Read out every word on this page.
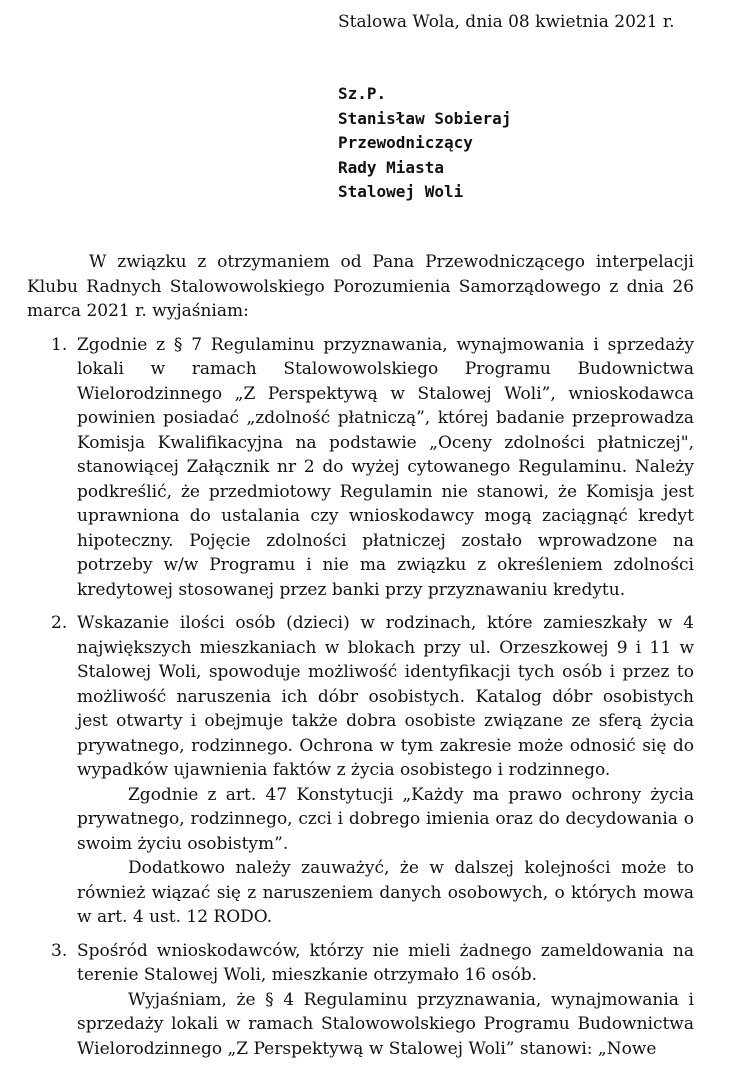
Stalowa Wola, dnia 08 kwietnia 2021 r.
Sz.P.
Stanisław Sobieraj
Przewodniczący
Rady Miasta
Stalowej Woli

W związku z otrzymaniem od Pana Przewodniczącego interpelacji Klubu Radnych Stalowowolskiego Porozumienia Samorządowego z dnia 26 marca 2021 r. wyjaśniam:

1. Zgodnie z § 7 Regulaminu przyznawania, wynajmowania i sprzedaży lokali w ramach Stalowowolskiego Programu Budownictwa Wielorodzinnego „Z Perspektywą w Stalowej Woli”, wnioskodawca powinien posiadać „zdolność płatniczą”, której badanie przeprowadza Komisja Kwalifikacyjna na podstawie „Oceny zdolności płatniczej", stanowiącej Załącznik nr 2 do wyżej cytowanego Regulaminu. Należy podkreślić, że przedmiotowy Regulamin nie stanowi, że Komisja jest uprawniona do ustalania czy wnioskodawcy mogą zaciągnąć kredyt hipoteczny. Pojęcie zdolności płatniczej zostało wprowadzone na potrzeby w/w Programu i nie ma związku z określeniem zdolności kredytowej stosowanej przez banki przy przyznawaniu kredytu.

2. Wskazanie ilości osób (dzieci) w rodzinach, które zamieszkały w 4 największych mieszkaniach w blokach przy ul. Orzeszkowej 9 i 11 w Stalowej Woli, spowoduje możliwość identyfikacji tych osób i przez to możliwość naruszenia ich dóbr osobistych. Katalog dóbr osobistych jest otwarty i obejmuje także dobra osobiste związane ze sferą życia prywatnego, rodzinnego. Ochrona w tym zakresie może odnosić się do wypadków ujawnienia faktów z życia osobistego i rodzinnego.

Zgodnie z art. 47 Konstytucji „Każdy ma prawo ochrony życia prywatnego, rodzinnego, czci i dobrego imienia oraz do decydowania o swoim życiu osobistym”.

Dodatkowo należy zauważyć, że w dalszej kolejności może to również wiązać się z naruszeniem danych osobowych, o których mowa w art. 4 ust. 12 RODO.

3. Spośród wnioskodawców, którzy nie mieli żadnego zameldowania na terenie Stalowej Woli, mieszkanie otrzymało 16 osób.

Wyjaśniam, że § 4 Regulaminu przyznawania, wynajmowania i sprzedaży lokali w ramach Stalowowolskiego Programu Budownictwa Wielorodzinnego „Z Perspektywą w Stalowej Woli” stanowi: „Nowe
